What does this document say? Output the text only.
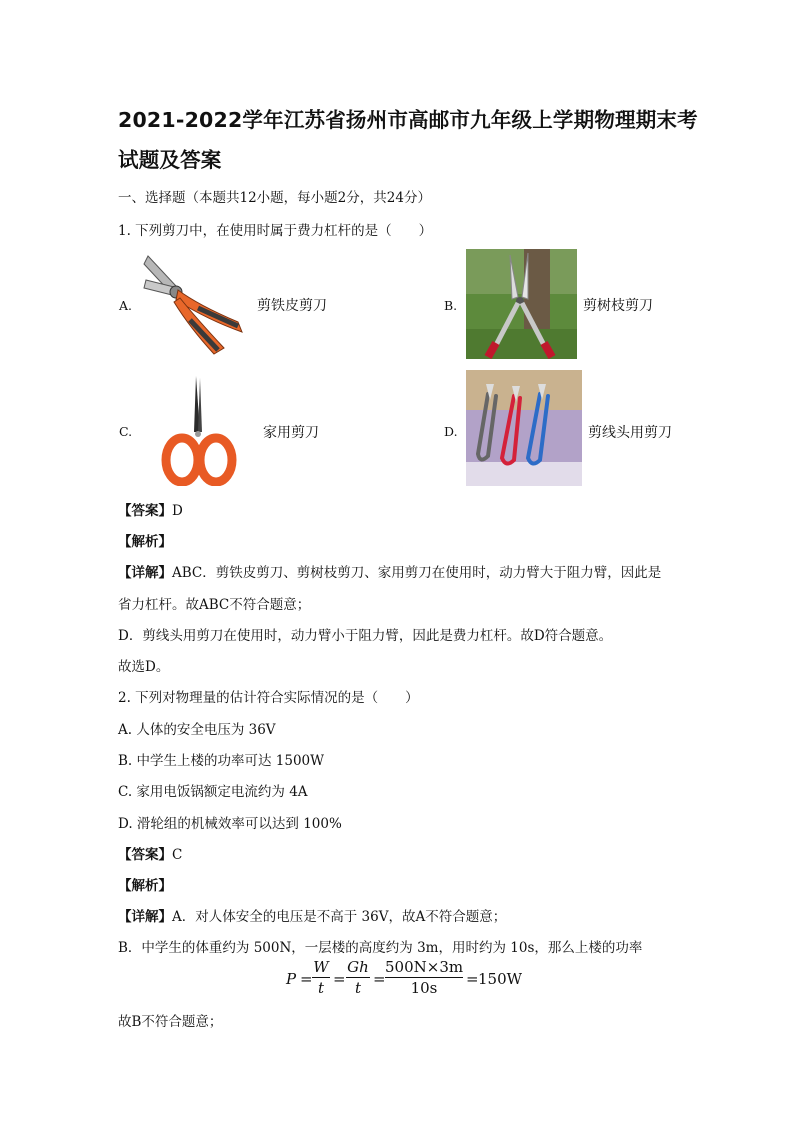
2021-2022学年江苏省扬州市高邮市九年级上学期物理期末考试题及答案
一、选择题（本题共12小题，每小题2分，共24分）
1. 下列剪刀中，在使用时属于费力杠杆的是（　　）
A.	剪铁皮剪刀	B.	剪树枝剪刀
C.	家用剪刀	D.	剪线头用剪刀
【答案】D
【解析】
【详解】ABC．剪铁皮剪刀、剪树枝剪刀、家用剪刀在使用时，动力臂大于阻力臂，因此是
省力杠杆。故ABC不符合题意；
D．剪线头用剪刀在使用时，动力臂小于阻力臂，因此是费力杠杆。故D符合题意。
故选D。
2. 下列对物理量的估计符合实际情况的是（　　）
A. 人体的安全电压为 36V
B. 中学生上楼的功率可达 1500W
C. 家用电饭锅额定电流约为 4A
D. 滑轮组的机械效率可以达到 100%
【答案】C
【解析】
【详解】A．对人体安全的电压是不高于 36V，故A不符合题意；
B．中学生的体重约为 500N，一层楼的高度约为 3m，用时约为 10s，那么上楼的功率
P =
W
t =
Gh
t =
500N×3m
10s	= 150W
故B不符合题意；
